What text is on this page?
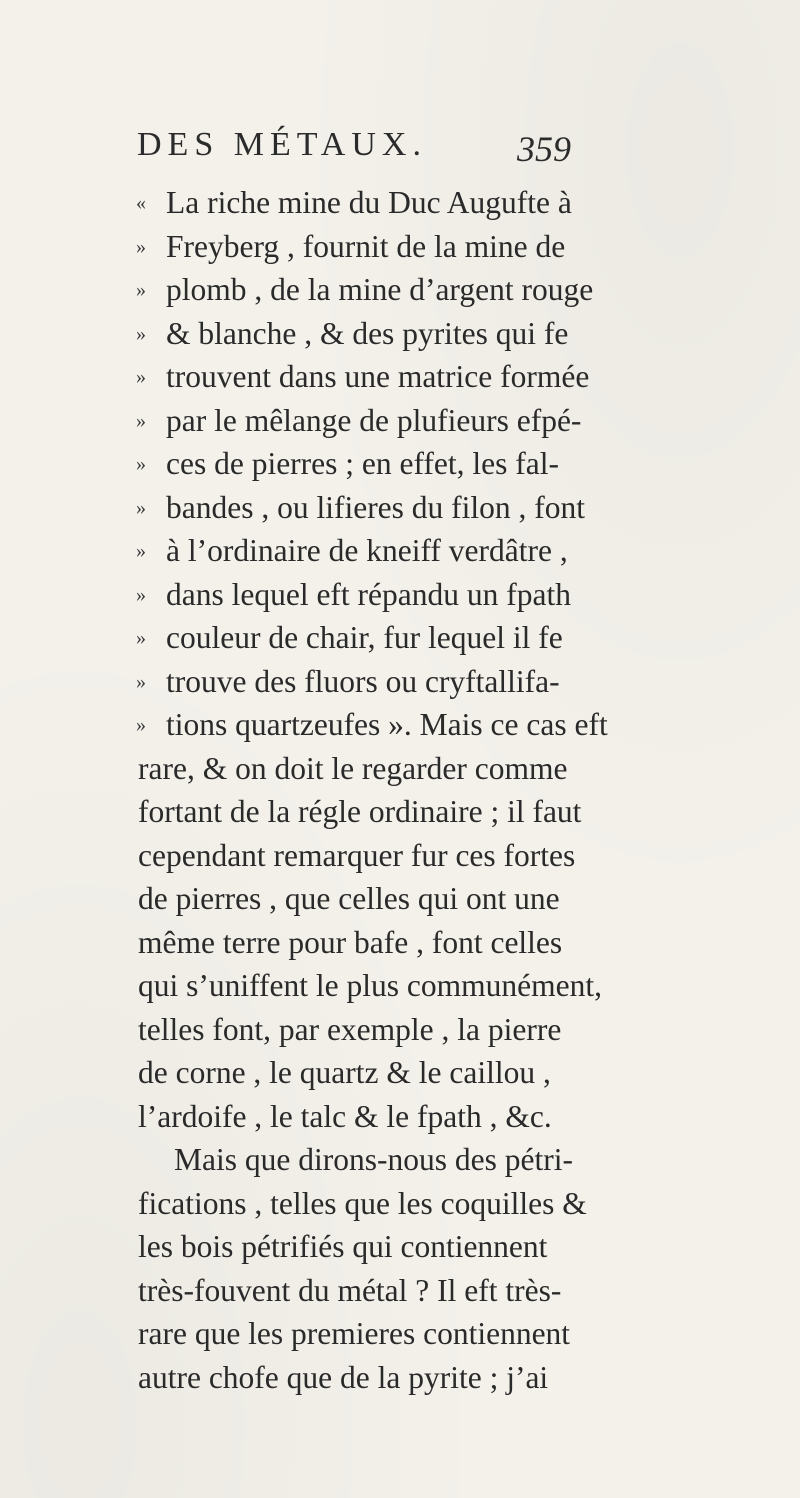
DES MÉTAUX.	359
« La riche mine du Duc Augufte à
» Freyberg , fournit de la mine de
» plomb , de la mine d’argent rouge
» & blanche , & des pyrites qui fe
» trouvent dans une matrice formée
» par le mêlange de plufieurs efpé-
» ces de pierres ; en effet, les fal-
» bandes , ou lifieres du filon , font
» à l’ordinaire de kneiff verdâtre ,
» dans lequel eft répandu un fpath
» couleur de chair, fur lequel il fe
» trouve des fluors ou cryftallifa-
» tions quartzeufes ». Mais ce cas eft
rare, & on doit le regarder comme
fortant de la régle ordinaire ; il faut
cependant remarquer fur ces fortes
de pierres , que celles qui ont une
même terre pour bafe , font celles
qui s’uniffent le plus communément,
telles font, par exemple , la pierre
de corne , le quartz & le caillou ,
l’ardoife , le talc & le fpath , &c.
Mais que dirons-nous des pétri-
fications , telles que les coquilles &
les bois pétrifiés qui contiennent
très-fouvent du métal ? Il eft très-
rare que les premieres contiennent
autre chofe que de la pyrite ; j’ai
